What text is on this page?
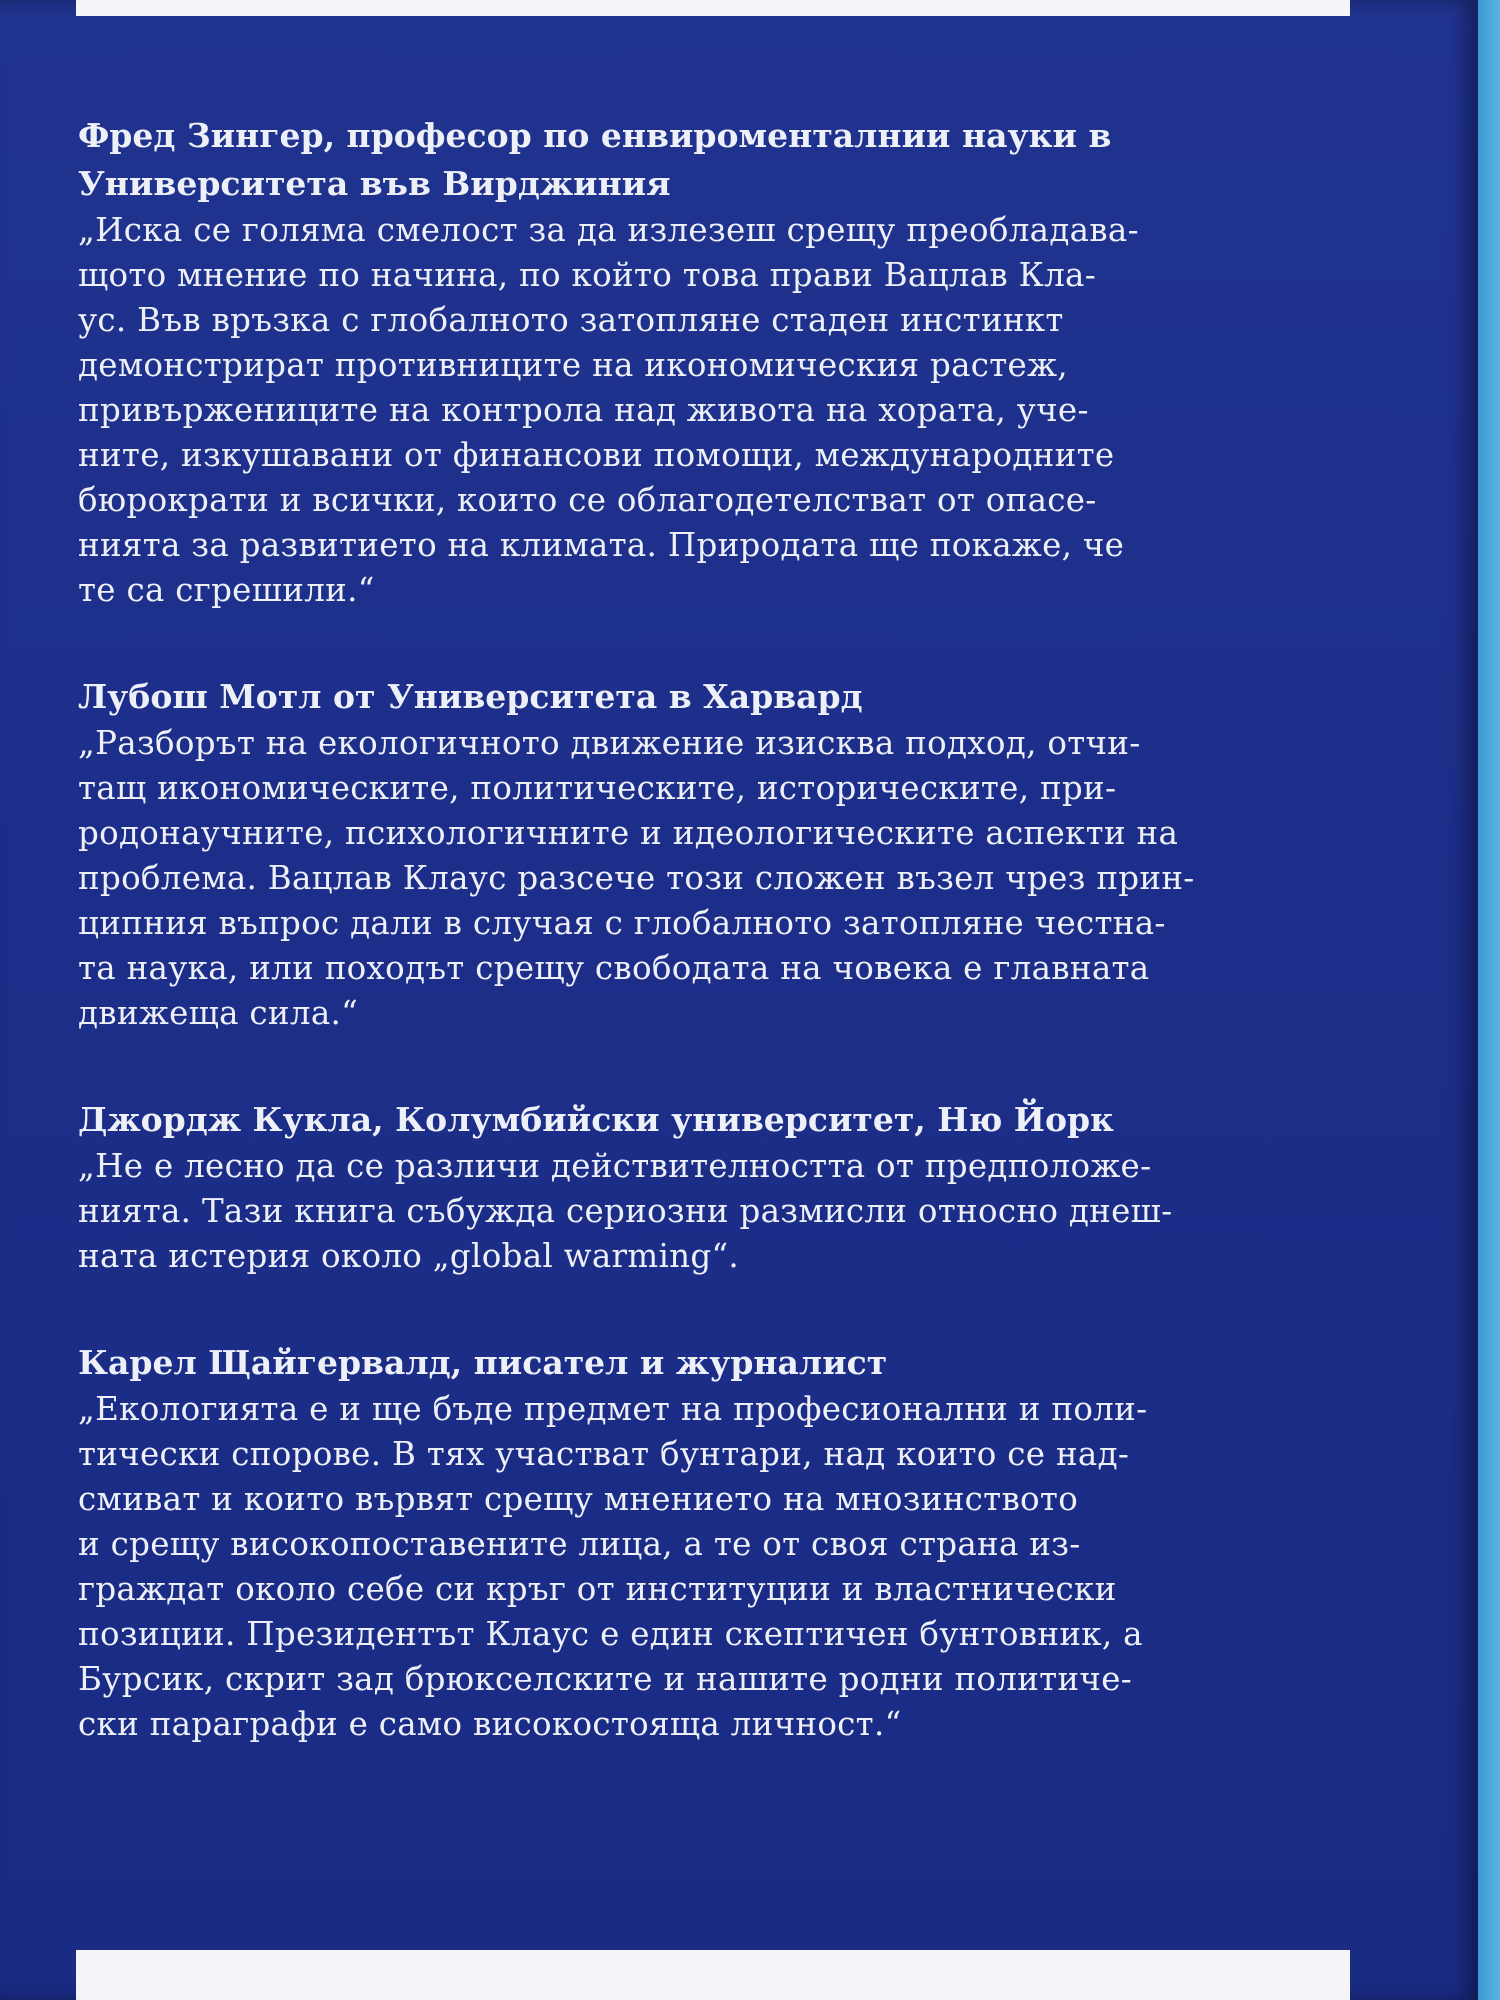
Фред Зингер, професор по енвироменталнии науки в
Университета във Вирджиния

„Иска се голяма смелост за да излезеш срещу преобладава-
щото мнение по начина, по който това прави Вацлав Кла-
ус. Във връзка с глобалното затопляне стаден инстинкт
демонстрират противниците на икономическия растеж,
привържениците на контрола над живота на хората, уче-
ните, изкушавани от финансови помощи, международните
бюрократи и всички, които се облагодетелстват от опасе-
нията за развитието на климата. Природата ще покаже, че
те са сгрешили.“

Лубош Мотл от Университета в Харвард

„Разборът на екологичното движение изисква подход, отчи-
тащ икономическите, политическите, историческите, при-
родонаучните, психологичните и идеологическите аспекти на
проблема. Вацлав Клаус разсече този сложен възел чрез прин-
ципния въпрос дали в случая с глобалното затопляне честна-
та наука, или походът срещу свободата на човека е главната
движеща сила.“

Джордж Кукла, Колумбийски университет, Ню Йорк

„Не е лесно да се различи действителността от предположе-
нията. Тази книга събужда сериозни размисли относно днеш-
ната истерия около „global warming“.

Карел Щайгервалд, писател и журналист

„Екологията е и ще бъде предмет на професионални и поли-
тически спорове. В тях участват бунтари, над които се над-
смиват и които вървят срещу мнението на мнозинството
и срещу високопоставените лица, а те от своя страна из-
граждат около себе си кръг от институции и властнически
позиции. Президентът Клаус е един скептичен бунтовник, а
Бурсик, скрит зад брюкселските и нашите родни политиче-
ски параграфи е само високостояща личност.“
